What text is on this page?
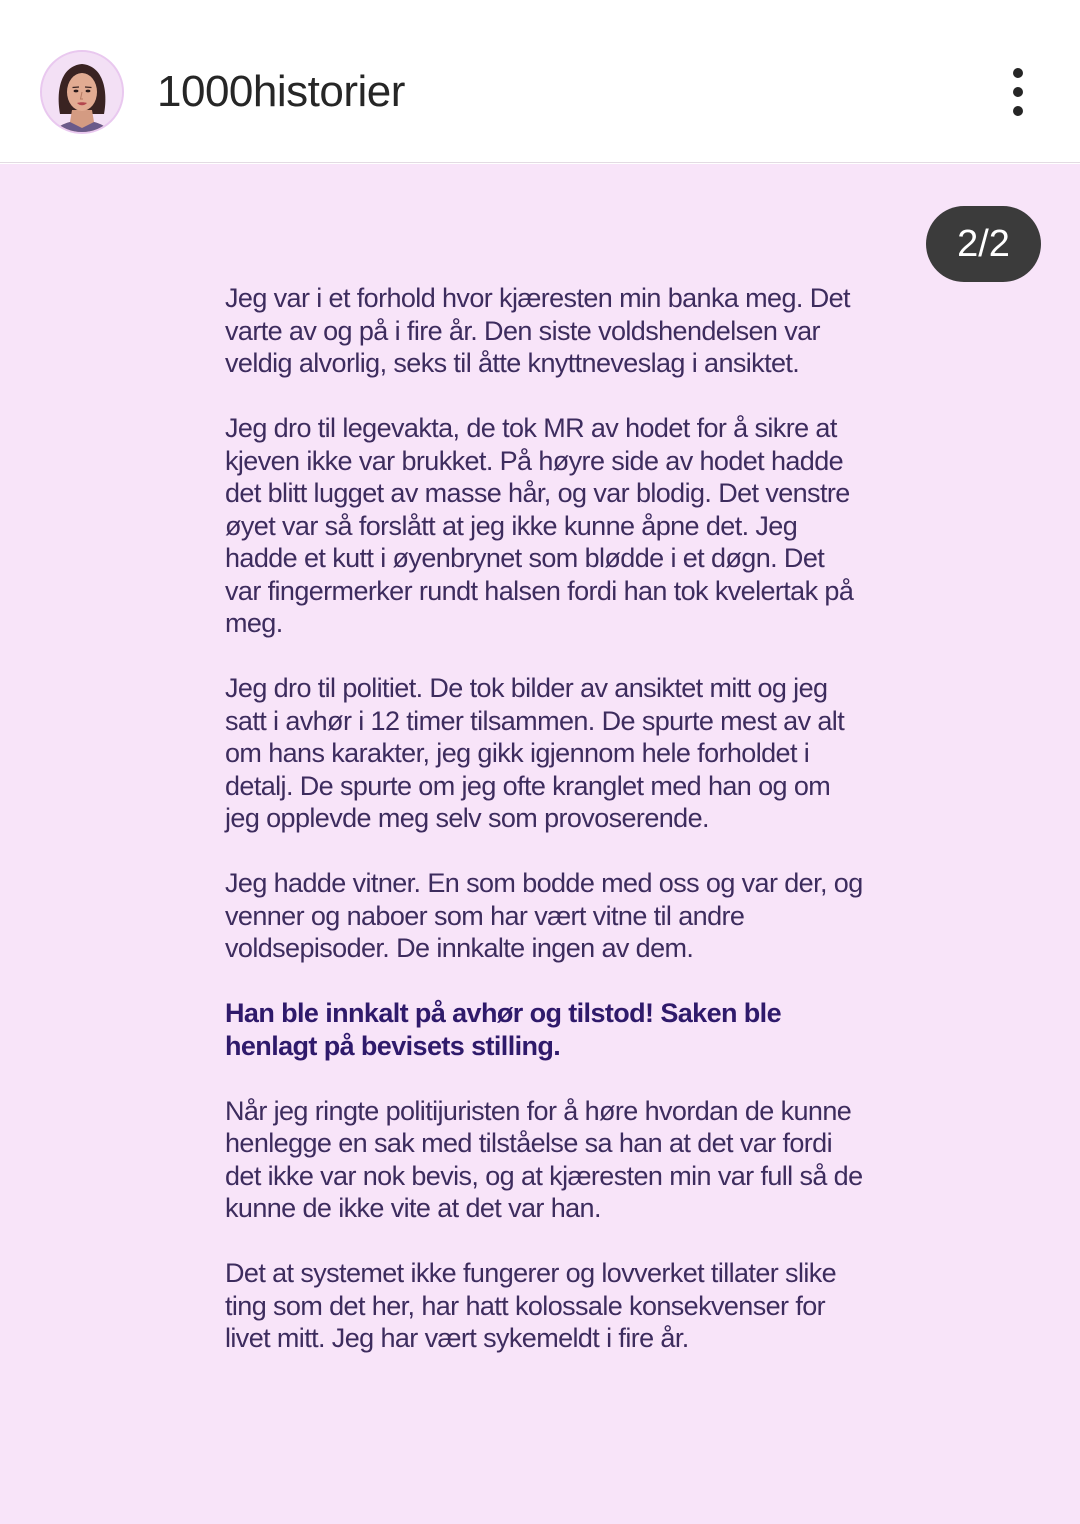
1000historier
2/2

Jeg var i et forhold hvor kjæresten min banka meg. Det varte av og på i fire år. Den siste voldshendelsen var veldig alvorlig, seks til åtte knyttneveslag i ansiktet.

Jeg dro til legevakta, de tok MR av hodet for å sikre at kjeven ikke var brukket. På høyre side av hodet hadde det blitt lugget av masse hår, og var blodig. Det venstre øyet var så forslått at jeg ikke kunne åpne det. Jeg hadde et kutt i øyenbrynet som blødde i et døgn. Det var fingermerker rundt halsen fordi han tok kvelertak på meg.

Jeg dro til politiet. De tok bilder av ansiktet mitt og jeg satt i avhør i 12 timer tilsammen. De spurte mest av alt om hans karakter, jeg gikk igjennom hele forholdet i detalj. De spurte om jeg ofte kranglet med han og om jeg opplevde meg selv som provoserende.

Jeg hadde vitner. En som bodde med oss og var der, og venner og naboer som har vært vitne til andre voldsepisoder. De innkalte ingen av dem.

Han ble innkalt på avhør og tilstod! Saken ble henlagt på bevisets stilling.

Når jeg ringte politijuristen for å høre hvordan de kunne henlegge en sak med tilståelse sa han at det var fordi det ikke var nok bevis, og at kjæresten min var full så de kunne de ikke vite at det var han.

Det at systemet ikke fungerer og lovverket tillater slike ting som det her, har hatt kolossale konsekvenser for livet mitt. Jeg har vært sykemeldt i fire år.
